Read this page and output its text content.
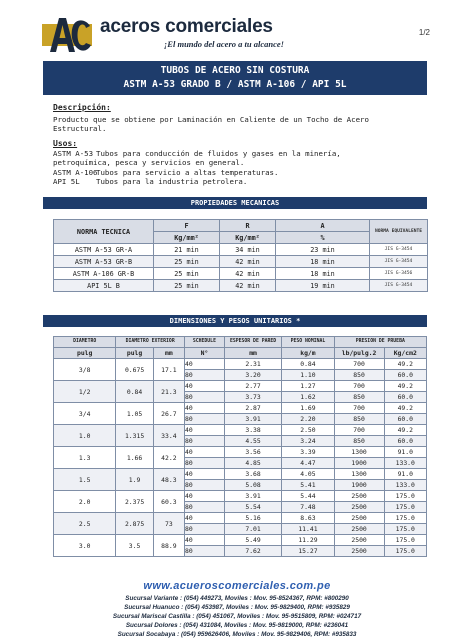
aceros comerciales
¡El mundo del acero a tu alcance!
1/2
TUBOS DE ACERO SIN COSTURA
ASTM A-53 GRADO B / ASTM A-106 / API 5L
Descripción:
Producto que se obtiene por Laminación en Caliente de un Tocho de Acero
Estructural.
Usos:
ASTM A-53 Tubos para conducción de fluidos y gases en la minería,
petroquímica, pesca y servicios en general.
ASTM A-106Tubos para servicio a altas temperaturas.
API 5L Tubos para la industria petrolera.
PROPIEDADES MECANICAS
NORMA TECNICA	F	R	A	NORMA EQUIVALENTE
	Kg/mm²	Kg/mm²	%	
ASTM A-53 GR-A	21 min	34 min	23 min	JIS G-3454
ASTM A-53 GR-B	25 min	42 min	18 min	JIS G-3454
ASTM A-106 GR-B	25 min	42 min	18 min	JIS G-3456
API 5L B	25 min	42 min	19 min	JIS G-3454
DIMENSIONES Y PESOS UNITARIOS *
DIAMETRO	DIAMETRO EXTERIOR		SCHEDULE	ESPESOR DE PARED	PESO NOMINAL	PRESION DE PRUEBA	
pulg	pulg	mm	N°	mm	kg/m	lb/pulg.2	Kg/cm2
3/8	0.675	17.1	40	2.31	0.84	700	49.2
			80	3.20	1.10	850	60.0
1/2	0.84	21.3	40	2.77	1.27	700	49.2
			80	3.73	1.62	850	60.0
3/4	1.05	26.7	40	2.87	1.69	700	49.2
			80	3.91	2.20	850	60.0
1.0	1.315	33.4	40	3.38	2.50	700	49.2
			80	4.55	3.24	850	60.0
1.3	1.66	42.2	40	3.56	3.39	1300	91.0
			80	4.85	4.47	1900	133.0
1.5	1.9	48.3	40	3.68	4.05	1300	91.0
			80	5.08	5.41	1900	133.0
2.0	2.375	60.3	40	3.91	5.44	2500	175.0
			80	5.54	7.48	2500	175.0
2.5	2.875	73	40	5.16	8.63	2500	175.0
			80	7.01	11.41	2500	175.0
3.0	3.5	88.9	40	5.49	11.29	2500	175.0
			80	7.62	15.27	2500	175.0
www.acueroscomerciales.com.pe
Sucursal Variante : (054) 449273, Moviles : Mov. 95-8524367, RPM: #800290
Sucursal Huanuco : (054) 453987, Moviles : Mov. 95-9829400, RPM: #935829
Sucursal Mariscal Castilla : (054) 451067, Moviles : Mov. 95-9515809, RPM: #024717
Sucursal Dolores : (054) 431084, Moviles : Mov. 95-9819000, RPM: #236041
Sucursal Socabaya : (054) 959626406, Moviles : Mov. 95-9829406, RPM: #935833
